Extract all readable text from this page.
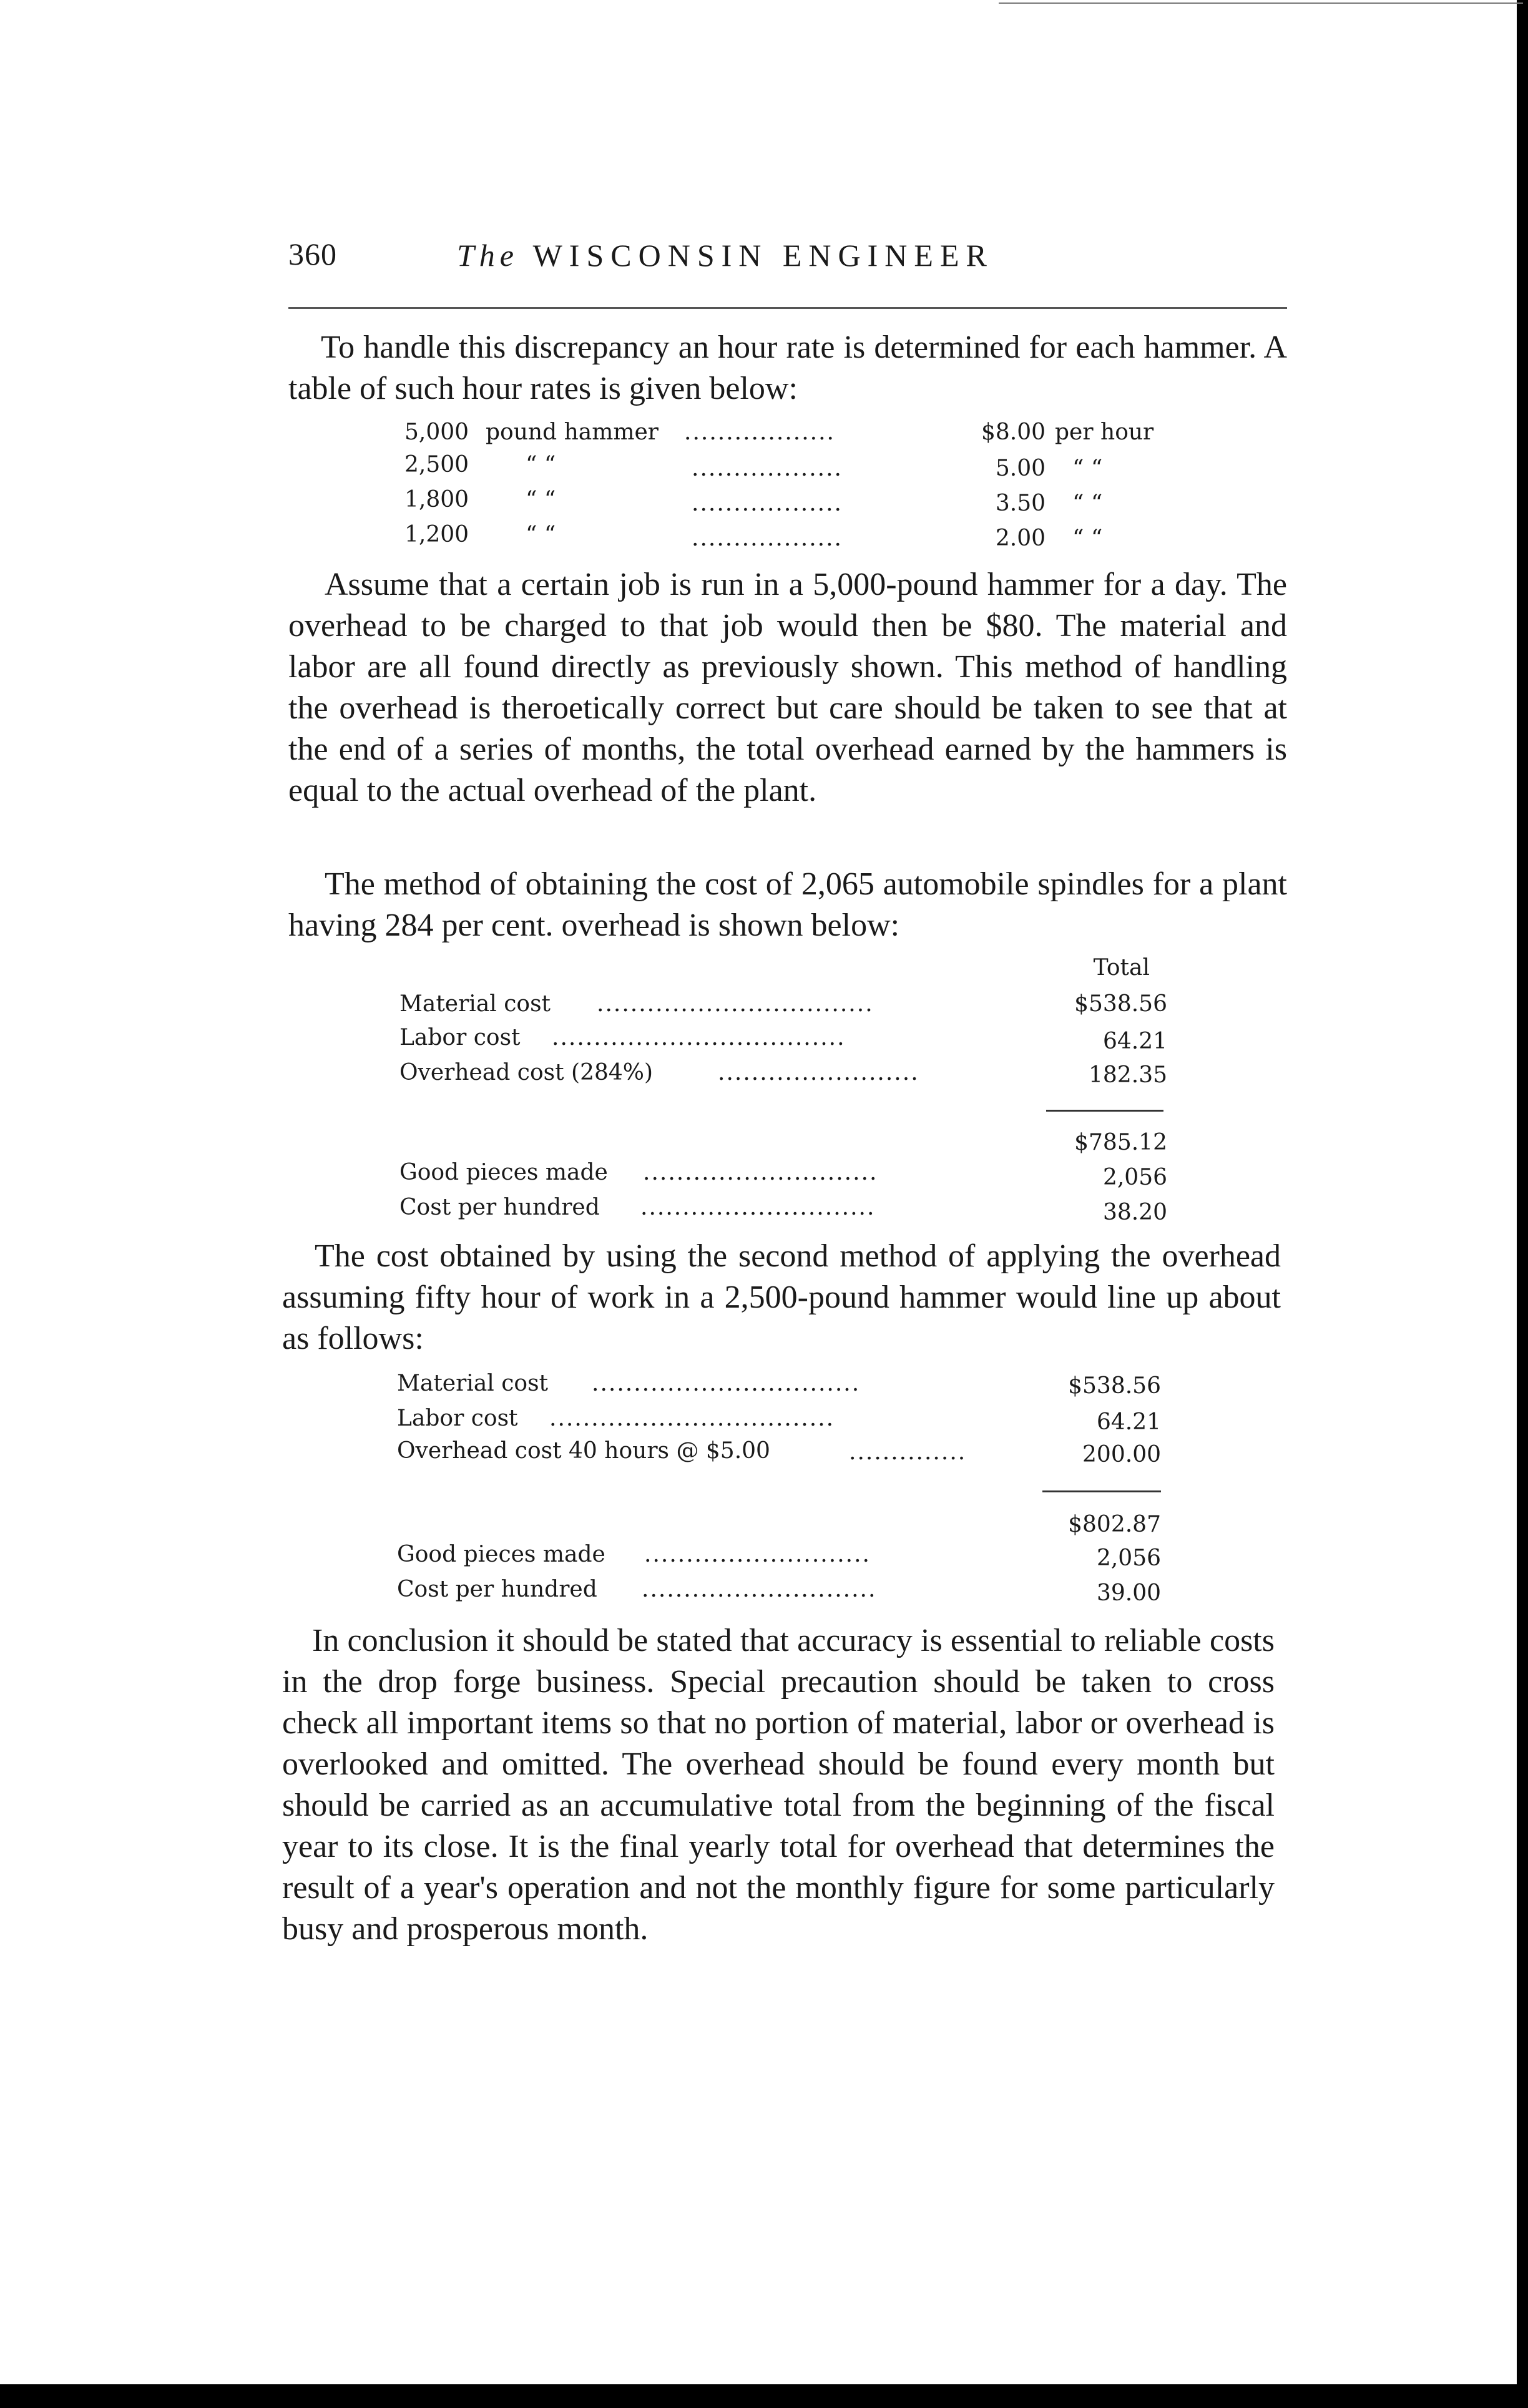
360	The WISCONSIN ENGINEER
To handle this discrepancy an hour rate is determined for each hammer. A table of such hour rates is given below:
5,000 pound hammer ..................	$8.00 per hour
2,500	“ “	..................	5.00 “ “
1,800	“ “	..................	3.50 “ “
1,200	“ “	..................	2.00 “ “
Assume that a certain job is run in a 5,000-pound hammer for a day. The overhead to be charged to that job would then be $80. The material and labor are all found directly as previously shown. This method of handling the overhead is theroetically correct but care should be taken to see that at the end of a series of months, the total overhead earned by the hammers is equal to the actual overhead of the plant.
The method of obtaining the cost of 2,065 automobile spindles for a plant having 284 per cent. overhead is shown below:
Total
Material cost .................................	$538.56
Labor cost ...................................	64.21
Overhead cost (284%)	........................	182.35
$785.12
Good pieces made ............................	2,056
Cost per hundred ............................	38.20
The cost obtained by using the second method of applying the overhead assuming fifty hour of work in a 2,500-pound hammer would line up about as follows:
Material cost ................................	$538.56
Labor cost ..................................	64.21
Overhead cost 40 hours @ $5.00	..............	200.00
$802.87
Good pieces made ...........................	2,056
Cost per hundred ............................	39.00
In conclusion it should be stated that accuracy is essential to reliable costs in the drop forge business. Special precaution should be taken to cross check all important items so that no portion of material, labor or overhead is overlooked and omitted. The overhead should be found every month but should be carried as an accumulative total from the beginning of the fiscal year to its close. It is the final yearly total for overhead that determines the result of a year's operation and not the monthly figure for some particularly busy and prosperous month.
